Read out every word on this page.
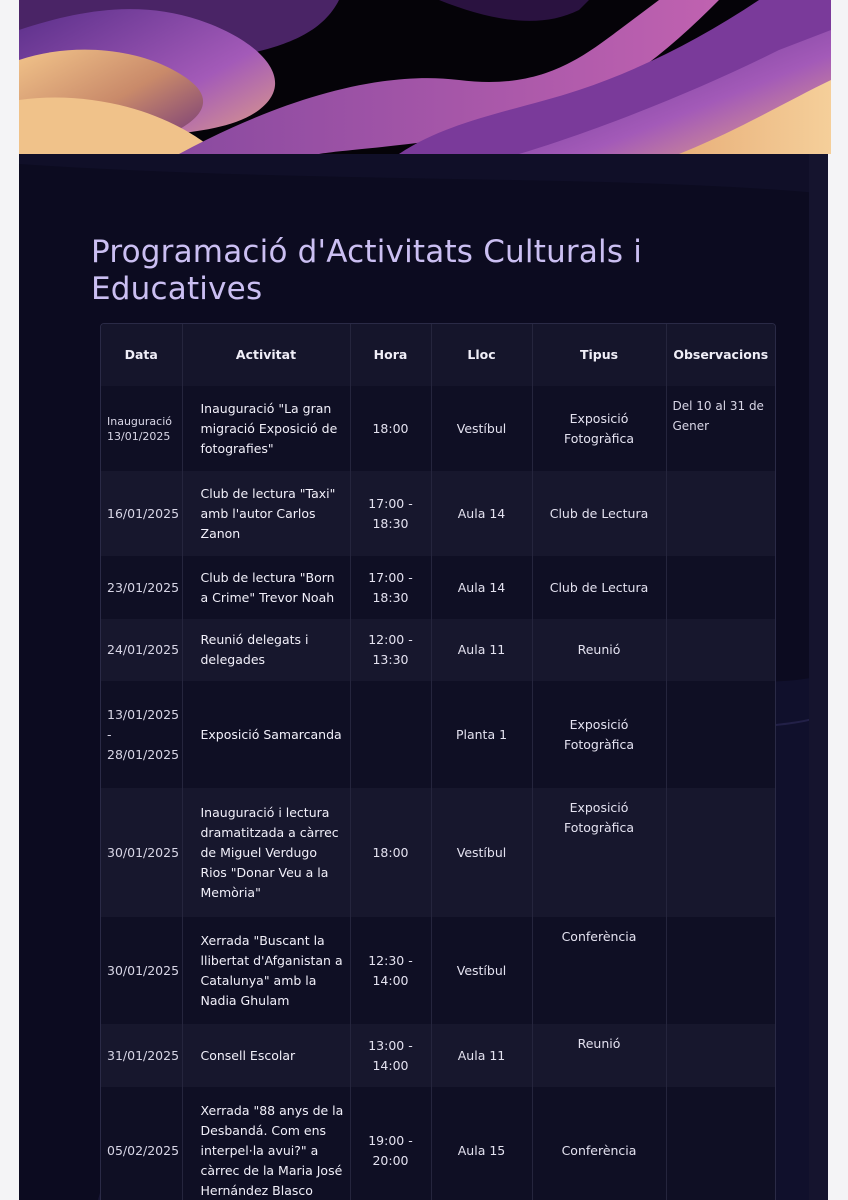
Programació d'Activitats Culturals i Educatives
Data	Activitat	Hora	Lloc	Tipus	Observacions
Inauguració 13/01/2025	Inauguració "La gran migració Exposició de fotografies"	18:00	Vestíbul	Exposició Fotogràfica	Del 10 al 31 de Gener
16/01/2025	Club de lectura "Taxi" amb l'autor Carlos Zanon	17:00 - 18:30	Aula 14	Club de Lectura	
23/01/2025	Club de lectura "Born a Crime" Trevor Noah	17:00 - 18:30	Aula 14	Club de Lectura	
24/01/2025	Reunió delegats i delegades	12:00 - 13:30	Aula 11	Reunió	
13/01/2025 - 28/01/2025	Exposició Samarcanda		Planta 1	Exposició Fotogràfica	
30/01/2025	Inauguració i lectura dramatitzada a càrrec de Miguel Verdugo Rios "Donar Veu a la Memòria"	18:00	Vestíbul	Exposició Fotogràfica	
30/01/2025	Xerrada "Buscant la llibertat d'Afganistan a Catalunya" amb la Nadia Ghulam	12:30 - 14:00	Vestíbul	Conferència	
31/01/2025	Consell Escolar	13:00 - 14:00	Aula 11	Reunió	
05/02/2025	Xerrada "88 anys de la Desbandá. Com ens interpel·la avui?" a càrrec de la Maria José Hernández Blasco	19:00 - 20:00	Aula 15	Conferència	
